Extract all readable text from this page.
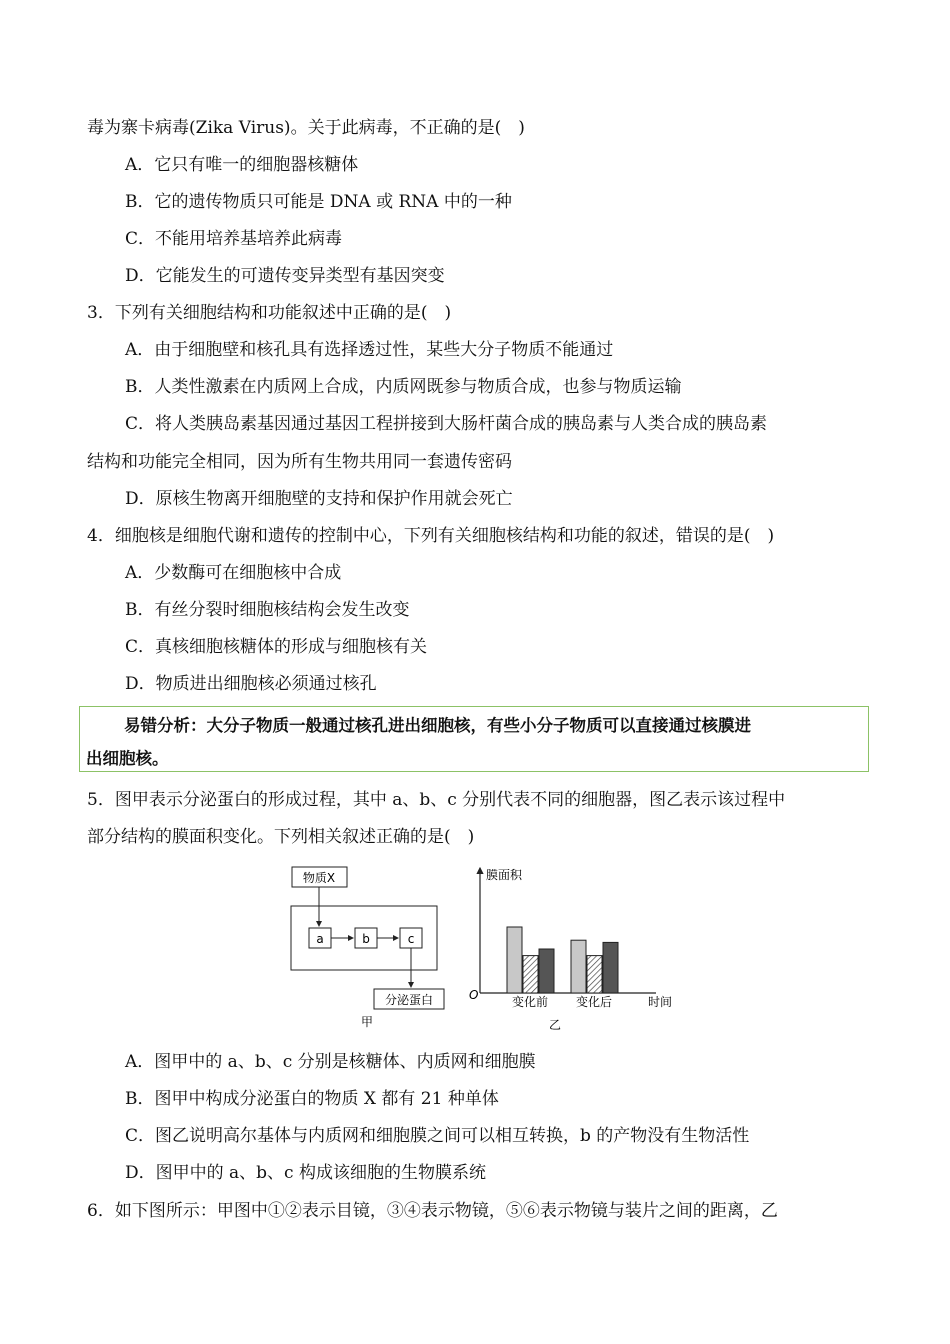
毒为寨卡病毒(Zika Virus)。关于此病毒，不正确的是(　)
A．它只有唯一的细胞器核糖体
B．它的遗传物质只可能是 DNA 或 RNA 中的一种
C．不能用培养基培养此病毒
D．它能发生的可遗传变异类型有基因突变
3．下列有关细胞结构和功能叙述中正确的是(　)
A．由于细胞壁和核孔具有选择透过性，某些大分子物质不能通过
B．人类性激素在内质网上合成，内质网既参与物质合成，也参与物质运输
C．将人类胰岛素基因通过基因工程拼接到大肠杆菌合成的胰岛素与人类合成的胰岛素
结构和功能完全相同，因为所有生物共用同一套遗传密码
D．原核生物离开细胞壁的支持和保护作用就会死亡
4．细胞核是细胞代谢和遗传的控制中心，下列有关细胞核结构和功能的叙述，错误的是(　)
A．少数酶可在细胞核中合成
B．有丝分裂时细胞核结构会发生改变
C．真核细胞核糖体的形成与细胞核有关
D．物质进出细胞核必须通过核孔
易错分析：大分子物质一般通过核孔进出细胞核，有些小分子物质可以直接通过核膜进
出细胞核。
5．图甲表示分泌蛋白的形成过程，其中 a、b、c 分别代表不同的细胞器，图乙表示该过程中
部分结构的膜面积变化。下列相关叙述正确的是(　)
物质X
a	b	c
分泌蛋白
甲
膜面积
O	时间
变化前 变化后
乙
A．图甲中的 a、b、c 分别是核糖体、内质网和细胞膜
B．图甲中构成分泌蛋白的物质 X 都有 21 种单体
C．图乙说明高尔基体与内质网和细胞膜之间可以相互转换，b 的产物没有生物活性
D．图甲中的 a、b、c 构成该细胞的生物膜系统
6．如下图所示：甲图中①②表示目镜，③④表示物镜，⑤⑥表示物镜与装片之间的距离，乙
